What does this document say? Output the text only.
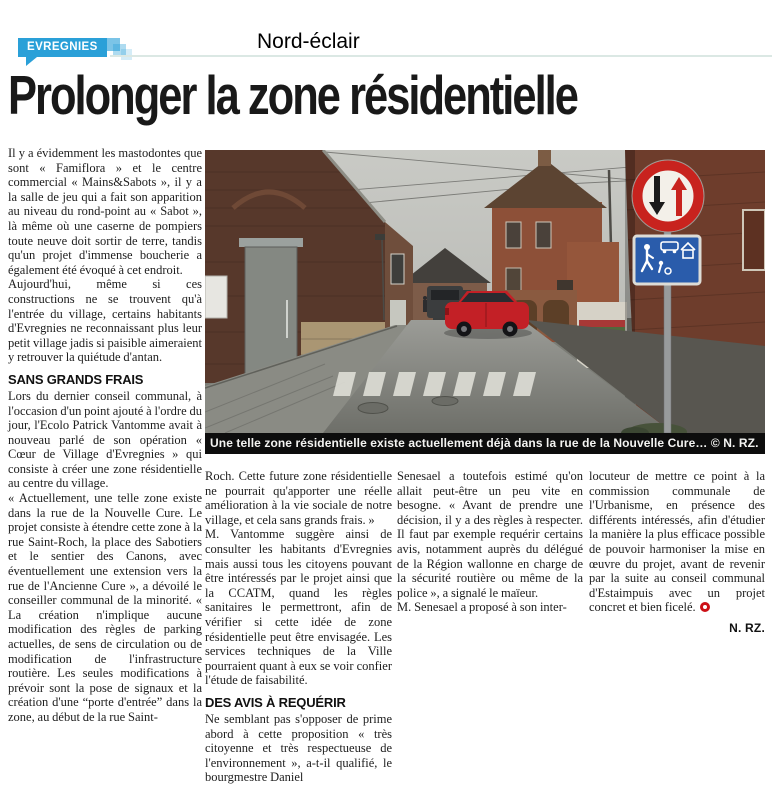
Nord-éclair
EVREGNIES
Prolonger la zone résidentielle

Il y a évidemment les mastodontes que sont « Famiflora » et le centre commercial « Mains&Sabots », il y a la salle de jeu qui a fait son apparition au niveau du rond-point au « Sabot », là même où une caserne de pompiers toute neuve doit sortir de terre, tandis qu'un projet d'immense boucherie a également été évoqué à cet endroit.

Aujourd'hui, même si ces constructions ne se trouvent qu'à l'entrée du village, certains habitants d'Evregnies ne reconnaissant plus leur petit village jadis si paisible aimeraient y retrouver la quiétude d'antan.

SANS GRANDS FRAIS

Lors du dernier conseil communal, à l'occasion d'un point ajouté à l'ordre du jour, l'Ecolo Patrick Vantomme avait à nouveau parlé de son opération « Cœur de Village d'Evregnies » qui consiste à créer une zone résidentielle au centre du village.

« Actuellement, une telle zone existe dans la rue de la Nouvelle Cure. Le projet consiste à étendre cette zone à la rue Saint-Roch, la place des Sabotiers et le sentier des Canons, avec éventuellement une extension vers la rue de l'Ancienne Cure », a dévoilé le conseiller communal de la minorité. « La création n'implique aucune modification des règles de parking actuelles, de sens de circulation ou de modification de l'infrastructure routière. Les seules modifications à prévoir sont la pose de signaux et la création d'une “porte d'entrée” dans la zone, au début de la rue Saint-

Une telle zone résidentielle existe actuellement déjà dans la rue de la Nouvelle Cure… © N. RZ.

Roch. Cette future zone résidentielle ne pourrait qu'apporter une réelle amélioration à la vie sociale de notre village, et cela sans grands frais. »

M. Vantomme suggère ainsi de consulter les habitants d'Evregnies mais aussi tous les citoyens pouvant être intéressés par le projet ainsi que la CCATM, quand les règles sanitaires le permettront, afin de vérifier si cette idée de zone résidentielle peut être envisagée. Les services techniques de la Ville pourraient quant à eux se voir confier l'étude de faisabilité.

DES AVIS À REQUÉRIR

Ne semblant pas s'opposer de prime abord à cette proposition « très citoyenne et très respectueuse de l'environnement », a-t-il qualifié, le bourgmestre Daniel

Senesael a toutefois estimé qu'on allait peut-être un peu vite en besogne. « Avant de prendre une décision, il y a des règles à respecter. Il faut par exemple requérir certains avis, notamment auprès du délégué de la Région wallonne en charge de la sécurité routière ou même de la police », a signalé le maïeur.

M. Senesael a proposé à son inter-

locuteur de mettre ce point à la commission communale de l'Urbanisme, en présence des différents intéressés, afin d'étudier la manière la plus efficace possible de pouvoir harmoniser la mise en œuvre du projet, avant de revenir par la suite au conseil communal d'Estaimpuis avec un projet concret et bien ficelé.

N. RZ.
